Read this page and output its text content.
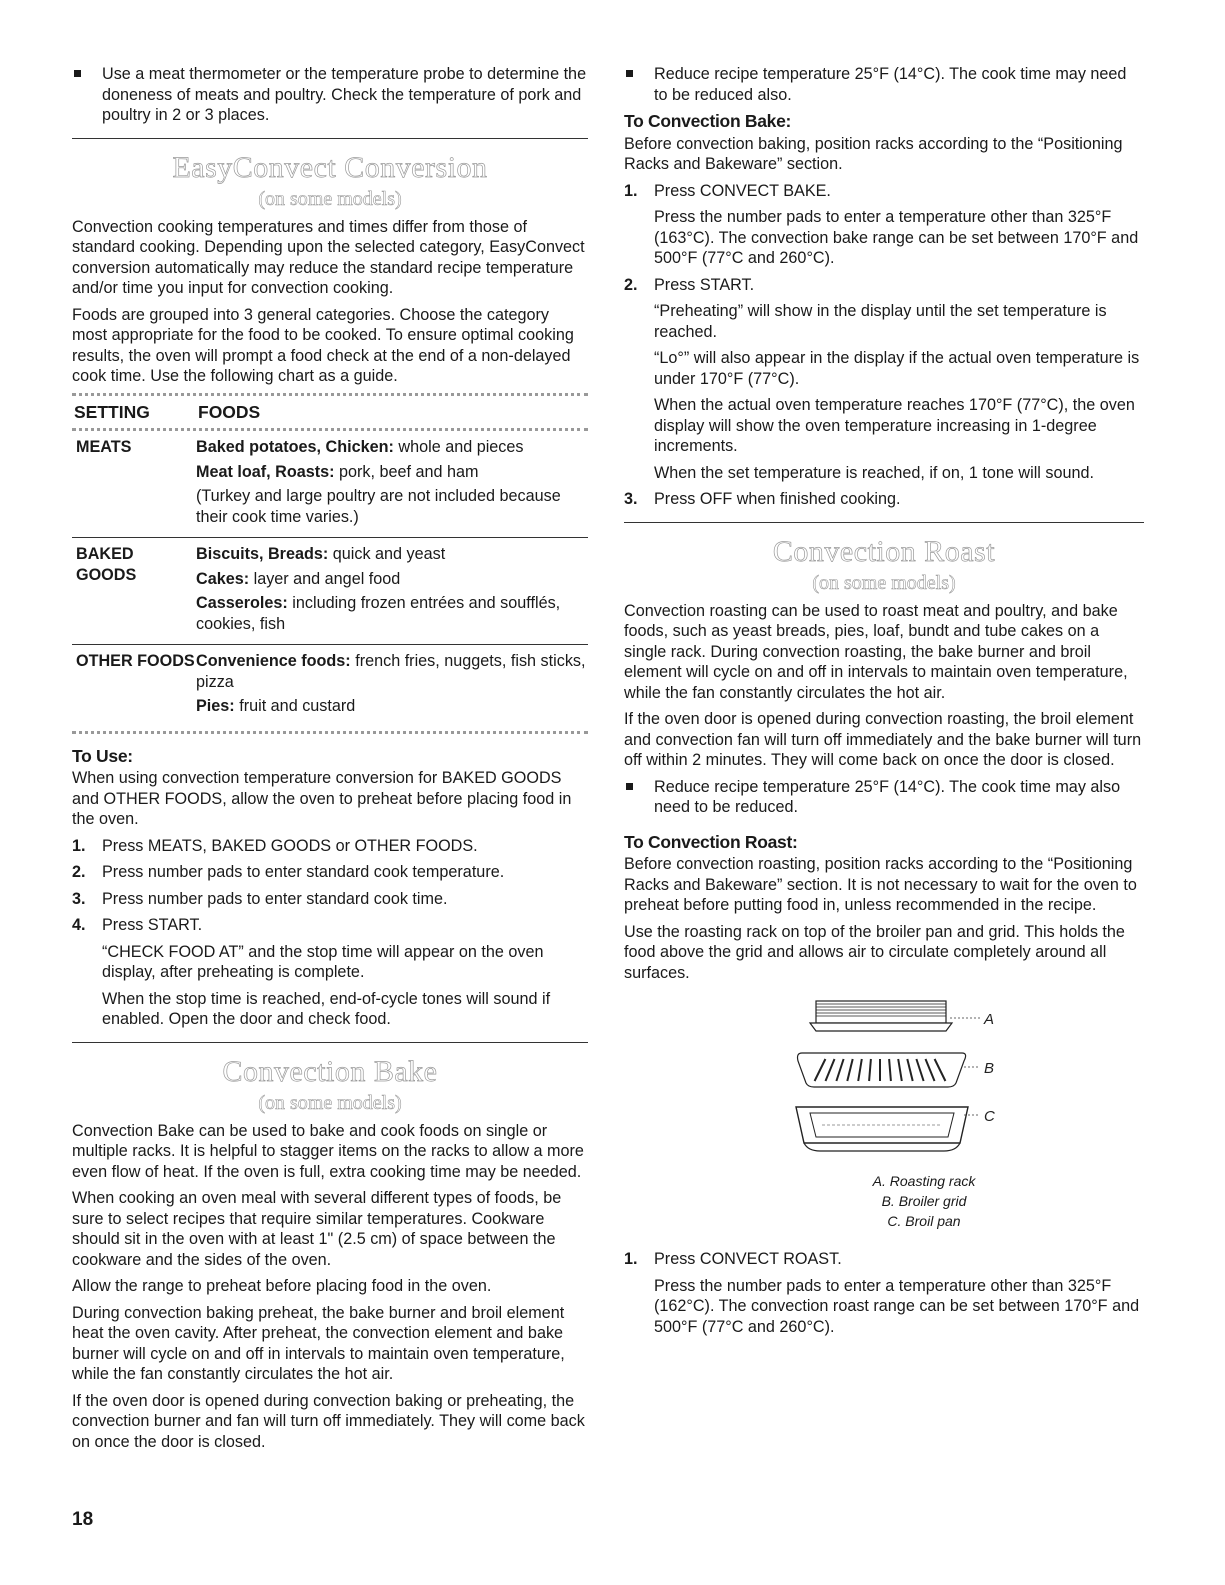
Use a meat thermometer or the temperature probe to determine the doneness of meats and poultry. Check the temperature of pork and poultry in 2 or 3 places.
EasyConvect Conversion
(on some models)

Convection cooking temperatures and times differ from those of standard cooking. Depending upon the selected category, EasyConvect conversion automatically may reduce the standard recipe temperature and/or time you input for convection cooking.

Foods are grouped into 3 general categories. Choose the category most appropriate for the food to be cooked. To ensure optimal cooking results, the oven will prompt a food check at the end of a non-delayed cook time. Use the following chart as a guide.

SETTING	FOODS

MEATS	Baked potatoes, Chicken: whole and pieces
Meat loaf, Roasts: pork, beef and ham
(Turkey and large poultry are not included because their cook time varies.)

BAKED GOODS	Biscuits, Breads: quick and yeast
Cakes: layer and angel food
Casseroles: including frozen entrées and soufflés, cookies, fish

OTHER FOODS	Convenience foods: french fries, nuggets, fish sticks, pizza
Pies: fruit and custard
To Use:

When using convection temperature conversion for BAKED GOODS and OTHER FOODS, allow the oven to preheat before placing food in the oven.

1. Press MEATS, BAKED GOODS or OTHER FOODS.
2. Press number pads to enter standard cook temperature.
3. Press number pads to enter standard cook time.
4. Press START.

“CHECK FOOD AT” and the stop time will appear on the oven display, after preheating is complete.

When the stop time is reached, end-of-cycle tones will sound if enabled. Open the door and check food.

Convection Bake
(on some models)

Convection Bake can be used to bake and cook foods on single or multiple racks. It is helpful to stagger items on the racks to allow a more even flow of heat. If the oven is full, extra cooking time may be needed.

When cooking an oven meal with several different types of foods, be sure to select recipes that require similar temperatures. Cookware should sit in the oven with at least 1" (2.5 cm) of space between the cookware and the sides of the oven.

Allow the range to preheat before placing food in the oven.

During convection baking preheat, the bake burner and broil element heat the oven cavity. After preheat, the convection element and bake burner will cycle on and off in intervals to maintain oven temperature, while the fan constantly circulates the hot air.

If the oven door is opened during convection baking or preheating, the convection burner and fan will turn off immediately. They will come back on once the door is closed.

Reduce recipe temperature 25°F (14°C). The cook time may need to be reduced also.
To Convection Bake:

Before convection baking, position racks according to the “Positioning Racks and Bakeware” section.

1. Press CONVECT BAKE.

Press the number pads to enter a temperature other than 325°F (163°C). The convection bake range can be set between 170°F and 500°F (77°C and 260°C).

2. Press START.

“Preheating” will show in the display until the set temperature is reached.

“Lo°” will also appear in the display if the actual oven temperature is under 170°F (77°C).

When the actual oven temperature reaches 170°F (77°C), the oven display will show the oven temperature increasing in 1-degree increments.

When the set temperature is reached, if on, 1 tone will sound.

3. Press OFF when finished cooking.
Convection Roast
(on some models)

Convection roasting can be used to roast meat and poultry, and bake foods, such as yeast breads, pies, loaf, bundt and tube cakes on a single rack. During convection roasting, the bake burner and broil element will cycle on and off in intervals to maintain oven temperature, while the fan constantly circulates the hot air.

If the oven door is opened during convection roasting, the broil element and convection fan will turn off immediately and the bake burner will turn off within 2 minutes. They will come back on once the door is closed.

Reduce recipe temperature 25°F (14°C). The cook time may also need to be reduced.
To Convection Roast:

Before convection roasting, position racks according to the “Positioning Racks and Bakeware” section. It is not necessary to wait for the oven to preheat before putting food in, unless recommended in the recipe.

Use the roasting rack on top of the broiler pan and grid. This holds the food above the grid and allows air to circulate completely around all surfaces.

A
B
C
A. Roasting rack
B. Broiler grid
C. Broil pan
1. Press CONVECT ROAST.

Press the number pads to enter a temperature other than 325°F (162°C). The convection roast range can be set between 170°F and 500°F (77°C and 260°C).

18
